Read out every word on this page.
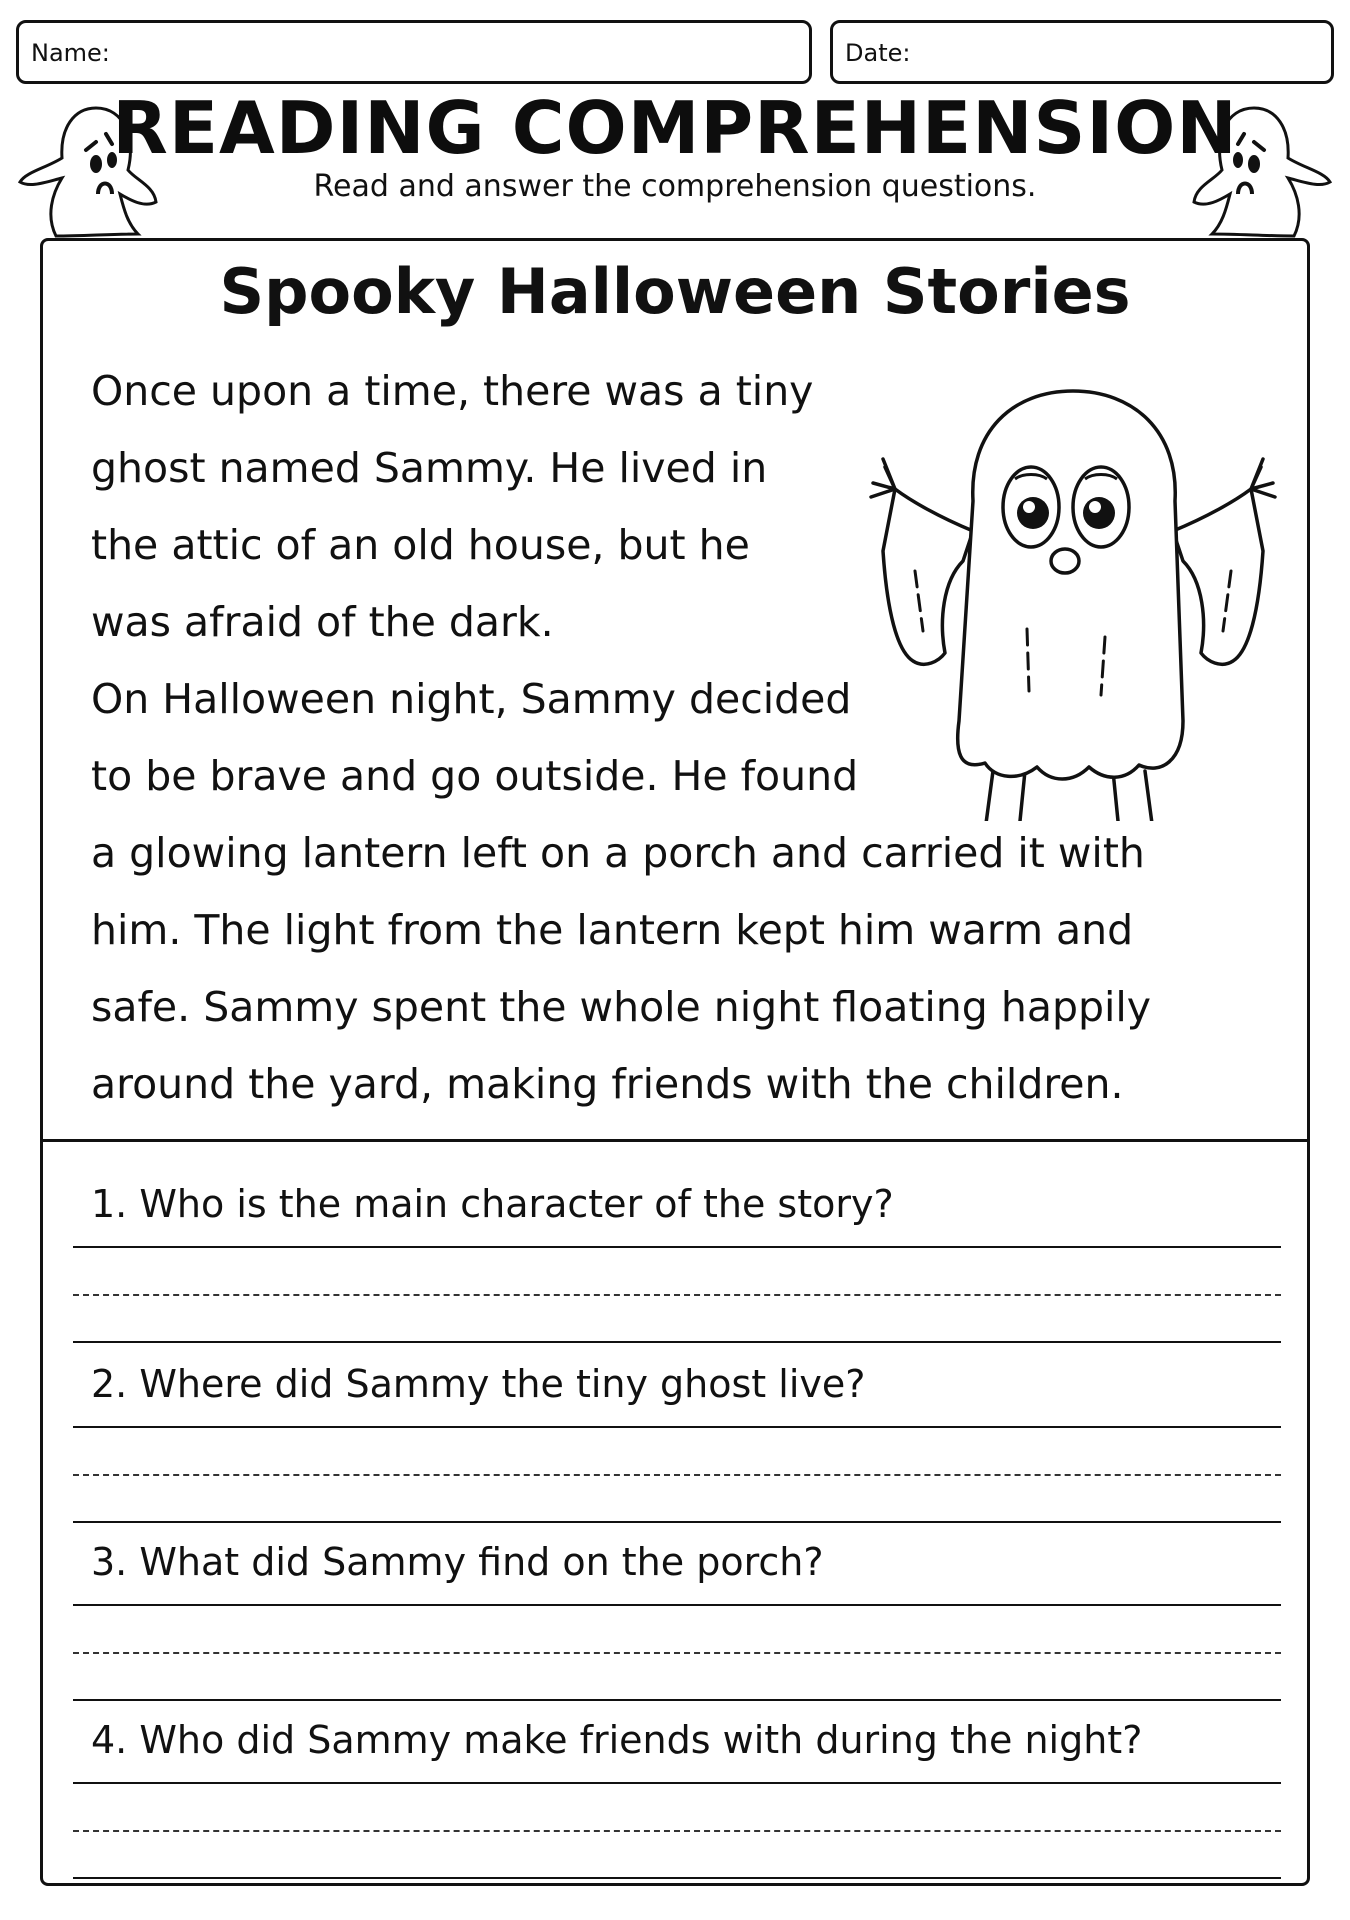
Name:	Date:
READING COMPREHENSION

Read and answer the comprehension questions.

Spooky Halloween Stories

Once upon a time, there was a tiny
ghost named Sammy. He lived in
the attic of an old house, but he
was afraid of the dark.
On Halloween night, Sammy decided
to be brave and go outside. He found
a glowing lantern left on a porch and carried it with
him. The light from the lantern kept him warm and
safe. Sammy spent the whole night floating happily
around the yard, making friends with the children.

1. Who is the main character of the story?
2. Where did Sammy the tiny ghost live?
3. What did Sammy find on the porch?
4. Who did Sammy make friends with during the night?
